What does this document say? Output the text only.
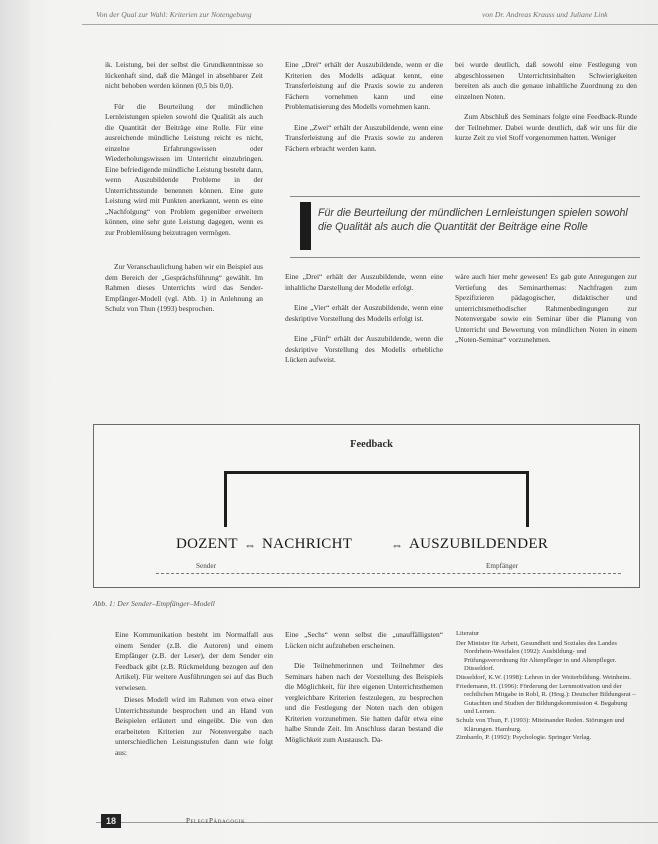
Von der Qual zur Wahl: Kriterien zur Notengebung	von Dr. Andreas Krauss und Juliane Link

ik. Leistung, bei der selbst die Grundkenntnisse so lückenhaft sind, daß die Mängel in absehbarer Zeit nicht behoben werden können (0,5 bis 0,0).

Für die Beurteilung der mündlichen Lernleistungen spielen sowohl die Qualität als auch die Quantität der Beiträge eine Rolle. Für eine ausreichende mündliche Leistung reicht es nicht, einzelne Erfahrungswissen oder Wiederholungswissen im Unterricht einzubringen. Eine befriedigende mündliche Leistung besteht dann, wenn Auszubildende Probleme in der Unterrichtsstunde benennen können. Eine gute Leistung wird mit Punkten anerkannt, wenn es eine „Nachfolgung“ von Problem gegenüber erweitern können, eine sehr gute Leistung dagegen, wenn es zur Problemlösung beizutragen vermögen.

Zur Veranschaulichung haben wir ein Beispiel aus dem Bereich der „Gesprächsführung“ gewählt. Im Rahmen dieses Unterrichts wird das Sender-Empfänger-Modell (vgl. Abb. 1) in Anlehnung an Schulz von Thun (1993) besprochen.

Eine „Drei“ erhält der Auszubildende, wenn er die Kriterien des Modells adäquat kennt, eine Transferleistung auf die Praxis sowie zu anderen Fächern vornehmen kann und eine Problematisierung des Modells vornehmen kann.

Eine „Zwei“ erhält der Auszubildende, wenn eine Transferleistung auf die Praxis sowie zu anderen Fächern erbracht werden kann.

bei wurde deutlich, daß sowohl eine Festlegung von abgeschlossenen Unterrichtsinhalten Schwierigkeiten bereiten als auch die genaue inhaltliche Zuordnung zu den einzelnen Noten.

Zum Abschluß des Seminars folgte eine Feedback-Runde der Teilnehmer. Dabei wurde deutlich, daß wir uns für die kurze Zeit zu viel Stoff vorgenommen hatten. Weniger

Für die Beurteilung der mündlichen Lernleistungen spielen sowohl die Qualität als auch die Quantität der Beiträge eine Rolle

Eine „Drei“ erhält der Auszubildende, wenn eine inhaltliche Darstellung der Modelle erfolgt.

Eine „Vier“ erhält der Auszubildende, wenn eine deskriptive Vorstellung des Modells erfolgt ist.

Eine „Fünf“ erhält der Auszubildende, wenn die deskriptive Vorstellung des Modells erhebliche Lücken aufweist.

wäre auch hier mehr gewesen! Es gab gute Anregungen zur Vertiefung des Seminarthemas: Nachfragen zum Spezifizieren pädagogischer, didaktischer und unterrichtsmethodischer Rahmenbedingungen zur Notenvergabe sowie ein Seminar über die Planung von Unterricht und Bewertung von mündlichen Noten in einem „Noten-Seminar“ vorzunehmen.

Feedback
DOZENT ⇔ NACHRICHT	⇔ AUSZUBILDENDER
Sender	Empfänger
Abb. 1: Der Sender–Empfänger–Modell

Eine Kommunikation besteht im Normalfall aus einem Sender (z.B. die Autoren) und einem Empfänger (z.B. der Leser), der dem Sender ein Feedback gibt (z.B. Rückmeldung bezogen auf den Artikel). Für weitere Ausführungen sei auf das Buch verwiesen.

Dieses Modell wird im Rahmen von etwa einer Unterrichtsstunde besprochen und an Hand von Beispielen erläutert und eingeübt. Die von den erarbeiteten Kriterien zur Notenvergabe nach unterschiedlichen Leistungsstufen dann wie folgt aus:

Eine „Sechs“ wenn selbst die „unauffälligsten“ Lücken nicht aufzuheben erscheinen.

Die Teilnehmerinnen und Teilnehmer des Seminars haben nach der Vorstellung des Beispiels die Möglichkeit, für ihre eigenen Unterrichtsthemen vergleichbare Kriterien festzulegen, zu besprechen und die Festlegung der Noten nach den obigen Kriterien vorzunehmen. Sie hatten dafür etwa eine halbe Stunde Zeit. Im Anschluss daran bestand die Möglichkeit zum Austausch. Da-

Literatur

Der Minister für Arbeit, Gesundheit und Soziales des Landes Nordrhein-Westfalen (1992): Ausbildung- und Prüfungsverordnung für Altenpfleger in und Altenpfleger. Düsseldorf.

Düsseldorf, K.W. (1998): Lehren in der Weiterbildung. Weinheim.

Friedemann, H. (1996): Förderung der Lernmotivation und der rechtlichen Mitgabe in Robl, R. (Hrsg.): Deutscher Bildungsrat – Gutachten und Studien der Bildungskommission 4. Begabung und Lernen.

Schulz von Thun, F. (1993): Miteinander Reden. Störungen und Klärungen. Hamburg.

Zimbardo, P. (1992): Psychologie. Springer Verlag.

18	PflegePädagogik
